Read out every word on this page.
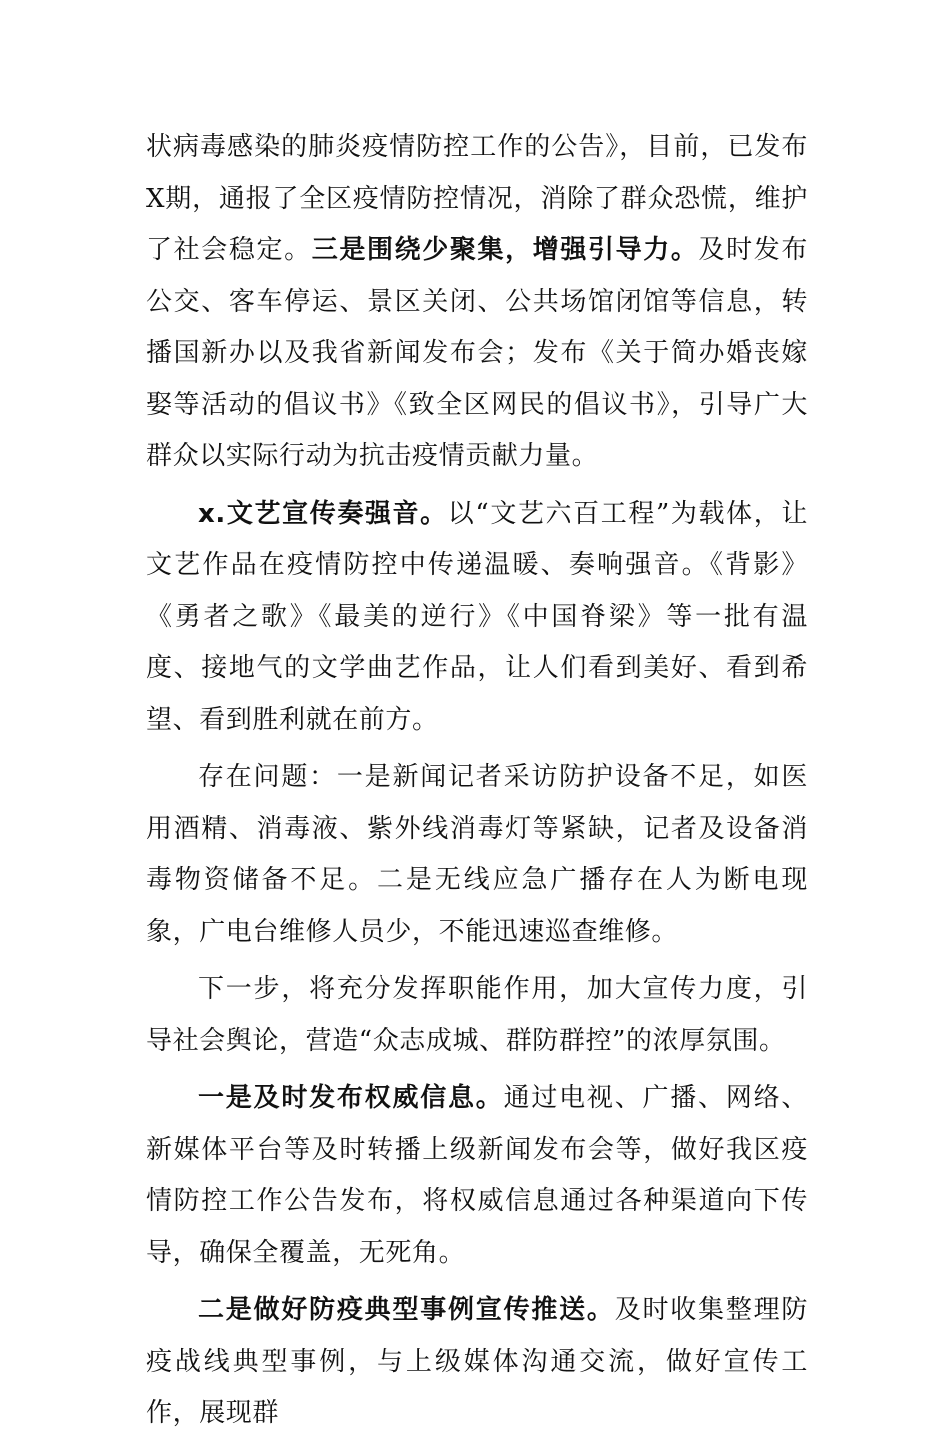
状病毒感染的肺炎疫情防控工作的公告》，目前，已发布X期，通报了全区疫情防控情况，消除了群众恐慌，维护了社会稳定。三是围绕少聚集，增强引导力。及时发布公交、客车停运、景区关闭、公共场馆闭馆等信息，转播国新办以及我省新闻发布会；发布《关于简办婚丧嫁娶等活动的倡议书》《致全区网民的倡议书》，引导广大群众以实际行动为抗击疫情贡献力量。

x.文艺宣传奏强音。以“文艺六百工程”为载体，让文艺作品在疫情防控中传递温暖、奏响强音。《背影》《勇者之歌》《最美的逆行》《中国脊梁》等一批有温度、接地气的文学曲艺作品，让人们看到美好、看到希望、看到胜利就在前方。

存在问题：一是新闻记者采访防护设备不足，如医用酒精、消毒液、紫外线消毒灯等紧缺，记者及设备消毒物资储备不足。二是无线应急广播存在人为断电现象，广电台维修人员少，不能迅速巡查维修。

下一步，将充分发挥职能作用，加大宣传力度，引导社会舆论，营造“众志成城、群防群控”的浓厚氛围。

一是及时发布权威信息。通过电视、广播、网络、新媒体平台等及时转播上级新闻发布会等，做好我区疫情防控工作公告发布，将权威信息通过各种渠道向下传导，确保全覆盖，无死角。

二是做好防疫典型事例宣传推送。及时收集整理防疫战线典型事例，与上级媒体沟通交流，做好宣传工作，展现群
